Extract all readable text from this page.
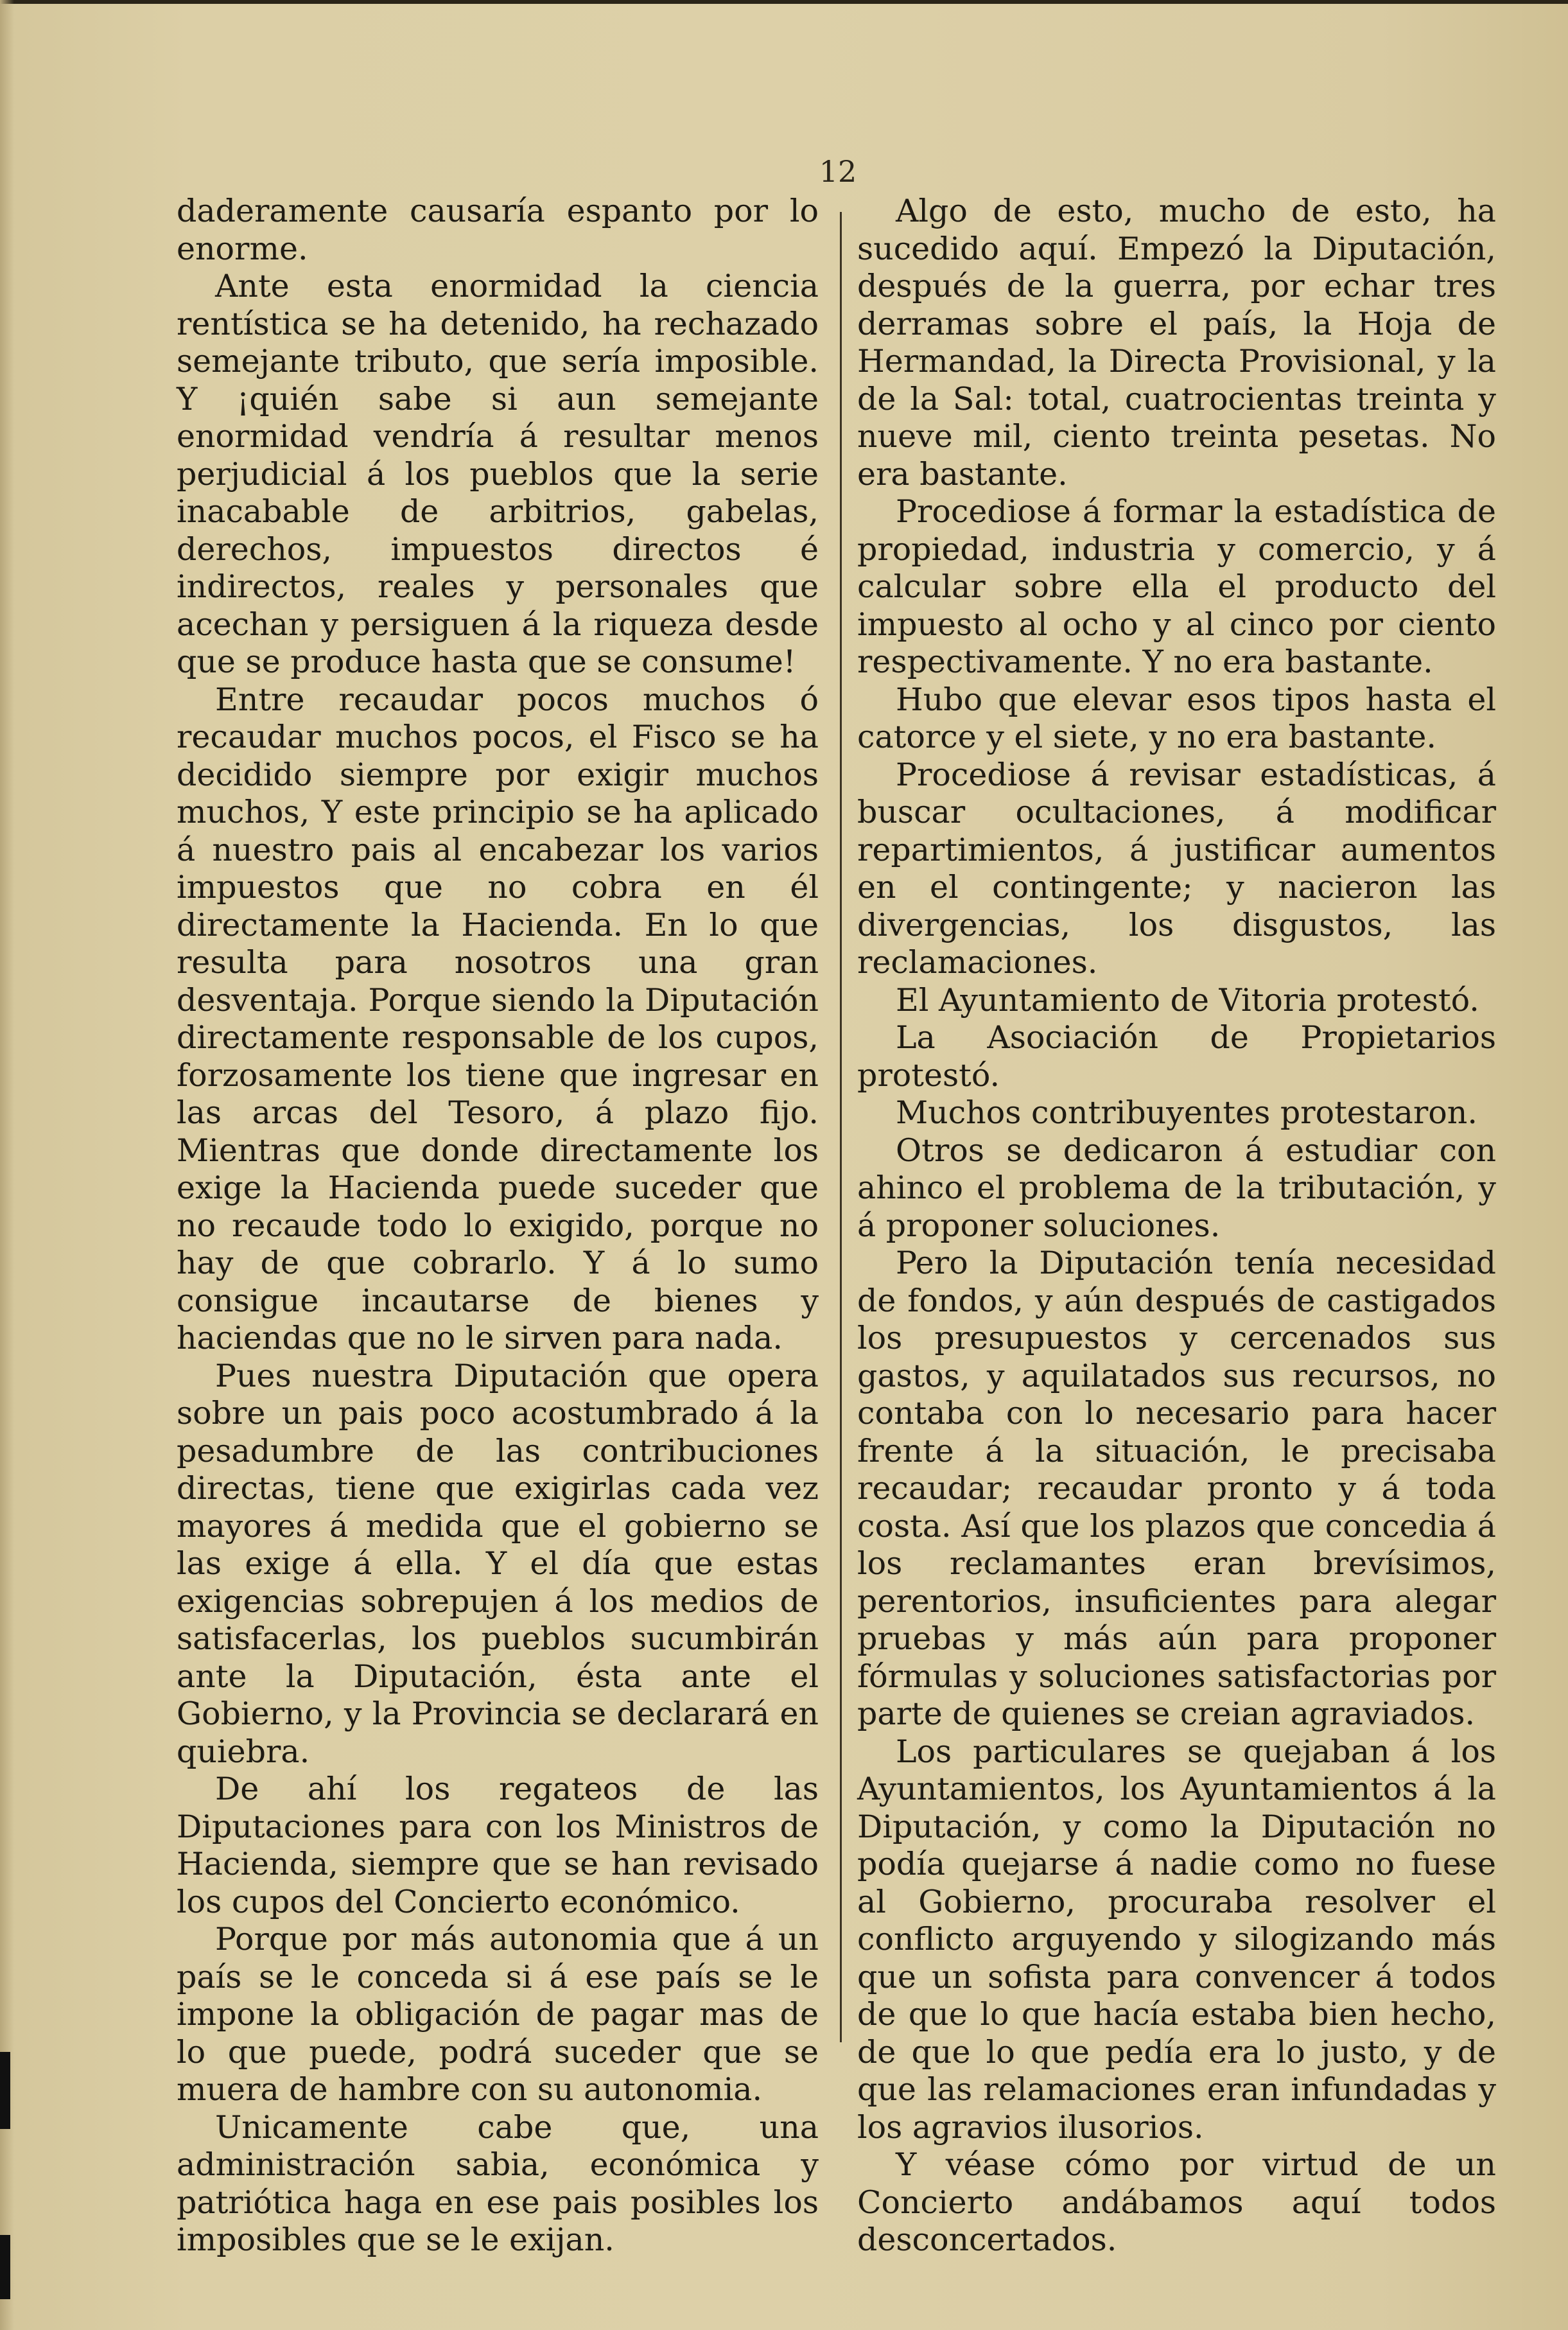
12

daderamente causaría espanto por lo enorme.

Ante esta enormidad la ciencia rentística se ha detenido, ha rechazado semejante tributo, que sería imposible. Y ¡quién sabe si aun semejante enormidad vendría á resultar menos perjudicial á los pueblos que la serie inacabable de arbitrios, gabelas, derechos, impuestos directos é indirectos, reales y personales que acechan y persiguen á la riqueza desde que se produce hasta que se consume!

Entre recaudar pocos muchos ó recaudar muchos pocos, el Fisco se ha decidido siempre por exigir muchos muchos, Y este principio se ha aplicado á nuestro pais al encabezar los varios impuestos que no cobra en él directamente la Hacienda. En lo que resulta para nosotros una gran desventaja. Porque siendo la Diputación directamente responsable de los cupos, forzosamente los tiene que ingresar en las arcas del Tesoro, á plazo fijo. Mientras que donde directamente los exige la Hacienda puede suceder que no recaude todo lo exigido, porque no hay de que cobrarlo. Y á lo sumo consigue incautarse de bienes y haciendas que no le sirven para nada.

Pues nuestra Diputación que opera sobre un pais poco acostumbrado á la pesadumbre de las contribuciones directas, tiene que exigirlas cada vez mayores á medida que el gobierno se las exige á ella. Y el día que estas exigencias sobrepujen á los medios de satisfacerlas, los pueblos sucumbirán ante la Diputación, ésta ante el Gobierno, y la Provincia se declarará en quiebra.

De ahí los regateos de las Diputaciones para con los Ministros de Hacienda, siempre que se han revisado los cupos del Concierto económico.

Porque por más autonomia que á un país se le conceda si á ese país se le impone la obligación de pagar mas de lo que puede, podrá suceder que se muera de hambre con su autonomia.

Unicamente cabe que, una administración sabia, económica y patriótica haga en ese pais posibles los imposibles que se le exijan.

Algo de esto, mucho de esto, ha sucedido aquí. Empezó la Diputación, después de la guerra, por echar tres derramas sobre el país, la Hoja de Hermandad, la Directa Provisional, y la de la Sal: total, cuatrocientas treinta y nueve mil, ciento treinta pesetas. No era bastante.

Procediose á formar la estadística de propiedad, industria y comercio, y á calcular sobre ella el producto del impuesto al ocho y al cinco por ciento respectivamente. Y no era bastante.

Hubo que elevar esos tipos hasta el catorce y el siete, y no era bastante.

Procediose á revisar estadísticas, á buscar ocultaciones, á modificar repartimientos, á justificar aumentos en el contingente; y nacieron las divergencias, los disgustos, las reclamaciones.

El Ayuntamiento de Vitoria protestó.

La Asociación de Propietarios protestó.

Muchos contribuyentes protestaron.

Otros se dedicaron á estudiar con ahinco el problema de la tributación, y á proponer soluciones.

Pero la Diputación tenía necesidad de fondos, y aún después de castigados los presupuestos y cercenados sus gastos, y aquilatados sus recursos, no contaba con lo necesario para hacer frente á la situación, le precisaba recaudar; recaudar pronto y á toda costa. Así que los plazos que concedia á los reclamantes eran brevísimos, perentorios, insuficientes para alegar pruebas y más aún para proponer fórmulas y soluciones satisfactorias por parte de quienes se creian agraviados.

Los particulares se quejaban á los Ayuntamientos, los Ayuntamientos á la Diputación, y como la Diputación no podía quejarse á nadie como no fuese al Gobierno, procuraba resolver el conflicto arguyendo y silogizando más que un sofista para convencer á todos de que lo que hacía estaba bien hecho, de que lo que pedía era lo justo, y de que las relamaciones eran infundadas y los agravios ilusorios.

Y véase cómo por virtud de un Concierto andábamos aquí todos desconcertados.
